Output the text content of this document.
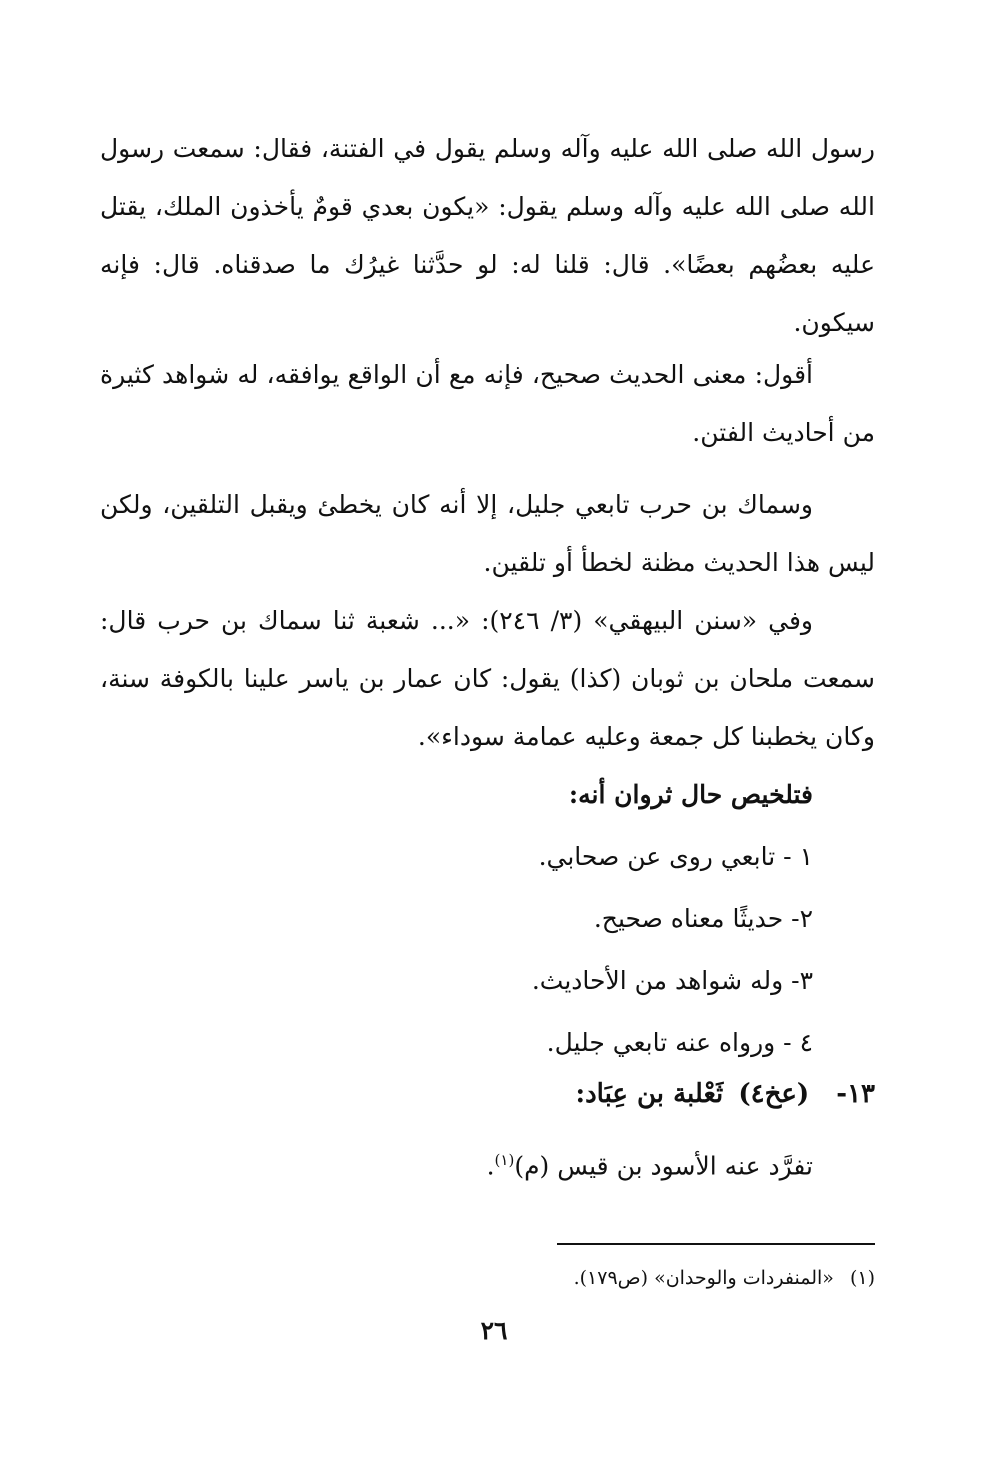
رسول الله صلى الله عليه وآله وسلم يقول في الفتنة، فقال: سمعت رسول الله صلى الله عليه وآله وسلم يقول: «يكون بعدي قومٌ يأخذون الملك، يقتل عليه بعضُهم بعضًا». قال: قلنا له: لو حدَّثنا غيرُك ما صدقناه. قال: فإنه سيكون.

أقول: معنى الحديث صحيح، فإنه مع أن الواقع يوافقه، له شواهد كثيرة من أحاديث الفتن.

وسماك بن حرب تابعي جليل، إلا أنه كان يخطئ ويقبل التلقين، ولكن ليس هذا الحديث مظنة لخطأ أو تلقين.

وفي «سنن البيهقي» (٣/ ٢٤٦): «... شعبة ثنا سماك بن حرب قال: سمعت ملحان بن ثوبان (كذا) يقول: كان عمار بن ياسر علينا بالكوفة سنة، وكان يخطبنا كل جمعة وعليه عمامة سوداء».

فتلخيص حال ثروان أنه:

١ - تابعي روى عن صحابي.

٢- حديثًا معناه صحيح.

٣- وله شواهد من الأحاديث.

٤ - ورواه عنه تابعي جليل.

١٣- (عخ٤) ثَعْلبة بن عِبَاد:
تفرَّد عنه الأسود بن قيس (م)$^{(١)}$.
(١) «المنفردات والوحدان» (ص١٧٩).
٢٦
